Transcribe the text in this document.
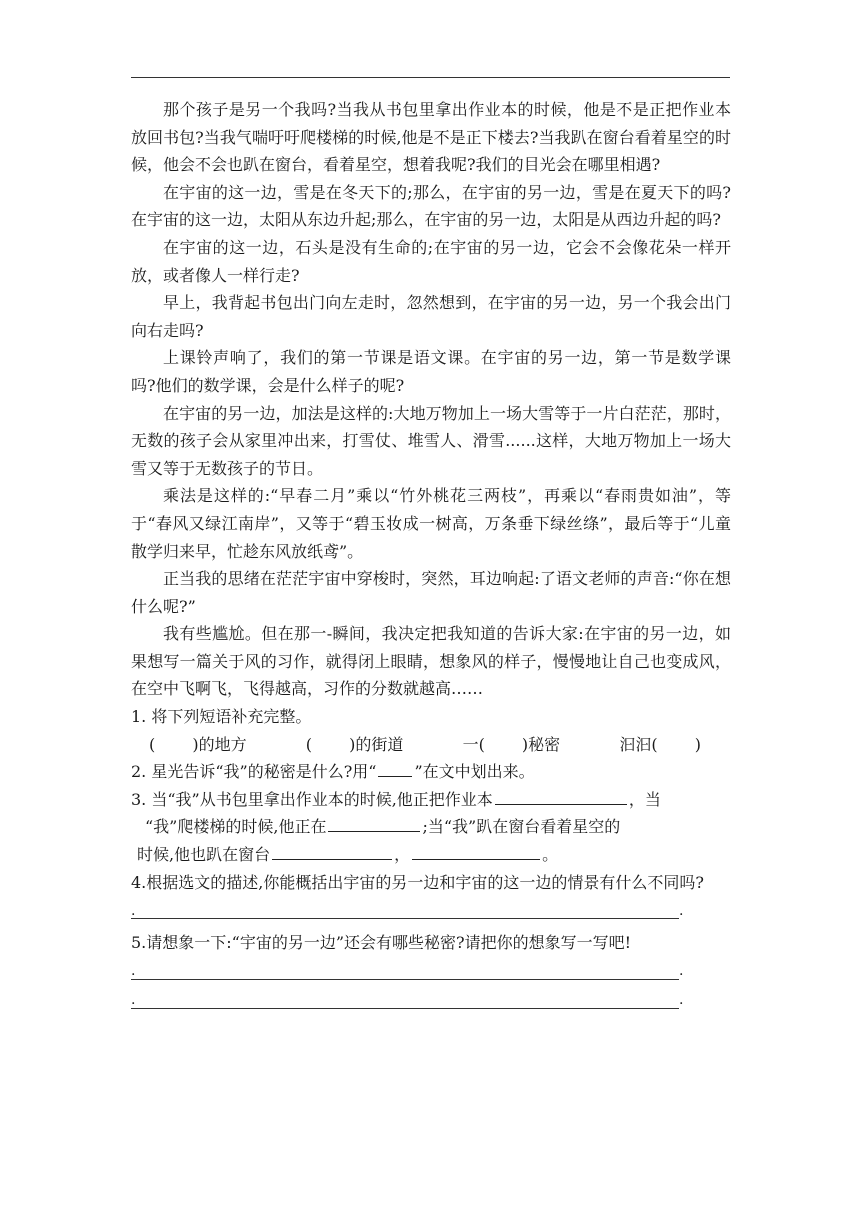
那个孩子是另一个我吗?当我从书包里拿出作业本的时候，他是不是正把作业本放回书包?当我气喘吁吁爬楼梯的时候,他是不是正下楼去?当我趴在窗台看着星空的时候，他会不会也趴在窗台，看着星空，想着我呢?我们的目光会在哪里相遇?

在宇宙的这一边，雪是在冬天下的;那么，在宇宙的另一边，雪是在夏天下的吗?在宇宙的这一边，太阳从东边升起;那么，在宇宙的另一边，太阳是从西边升起的吗?

在宇宙的这一边，石头是没有生命的;在宇宙的另一边，它会不会像花朵一样开放，或者像人一样行走?

早上，我背起书包出门向左走时，忽然想到，在宇宙的另一边，另一个我会出门向右走吗?

上课铃声响了，我们的第一节课是语文课。在宇宙的另一边，第一节是数学课吗?他们的数学课，会是什么样子的呢?

在宇宙的另一边，加法是这样的:大地万物加上一场大雪等于一片白茫茫，那时，无数的孩子会从家里冲出来，打雪仗、堆雪人、滑雪......这样，大地万物加上一场大雪又等于无数孩子的节日。

乘法是这样的:“早春二月”乘以“竹外桃花三两枝”，再乘以“春雨贵如油”，等于“春风又绿江南岸”，又等于“碧玉妆成一树高，万条垂下绿丝绦”，最后等于“儿童散学归来早，忙趁东风放纸鸢”。

正当我的思绪在茫茫宇宙中穿梭时，突然，耳边响起:了语文老师的声音:“你在想什么呢?”

我有些尴尬。但在那一-瞬间，我决定把我知道的告诉大家:在宇宙的另一边，如果想写一篇关于风的习作，就得闭上眼睛，想象风的样子，慢慢地让自己也变成风，在空中飞啊飞，飞得越高，习作的分数就越高……

1. 将下列短语补充完整。
(　　 )的地方	(　　 )的街道	一(　　 )秘密	汩汩(　　 )
2. 星光告诉“我”的秘密是什么?用“ ”在文中划出来。
3. 当“我”从书包里拿出作业本的时候,他正把作业本	，当
“我”爬楼梯的时候,他正在	;当“我”趴在窗台看着星空的
时候,他也趴在窗台	，	。
4.根据选文的描述,你能概括出宇宙的另一边和宇宙的这一边的情景有什么不同吗?
.	.
5.请想象一下:“宇宙的另一边”还会有哪些秘密?请把你的想象写一写吧!
.	.
.	.
